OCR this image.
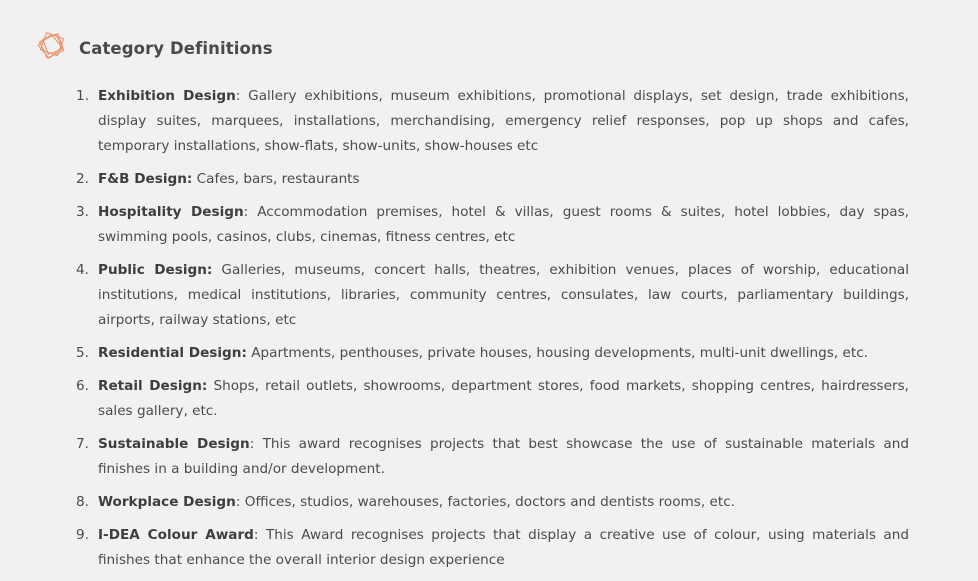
Category Definitions
1. Exhibition Design: Gallery exhibitions, museum exhibitions, promotional displays, set design, trade exhibitions, display suites, marquees, installations, merchandising, emergency relief responses, pop up shops and cafes, temporary installations, show-flats, show-units, show-houses etc
2. F&B Design: Cafes, bars, restaurants
3. Hospitality Design: Accommodation premises, hotel & villas, guest rooms & suites, hotel lobbies, day spas, swimming pools, casinos, clubs, cinemas, fitness centres, etc
4. Public Design: Galleries, museums, concert halls, theatres, exhibition venues, places of worship, educational institutions, medical institutions, libraries, community centres, consulates, law courts, parliamentary buildings, airports, railway stations, etc
5. Residential Design: Apartments, penthouses, private houses, housing developments, multi-unit dwellings, etc.
6. Retail Design: Shops, retail outlets, showrooms, department stores, food markets, shopping centres, hairdressers, sales gallery, etc.
7. Sustainable Design: This award recognises projects that best showcase the use of sustainable materials and finishes in a building and/or development.
8. Workplace Design: Offices, studios, warehouses, factories, doctors and dentists rooms, etc.
9. I-DEA Colour Award: This Award recognises projects that display a creative use of colour, using materials and finishes that enhance the overall interior design experience
